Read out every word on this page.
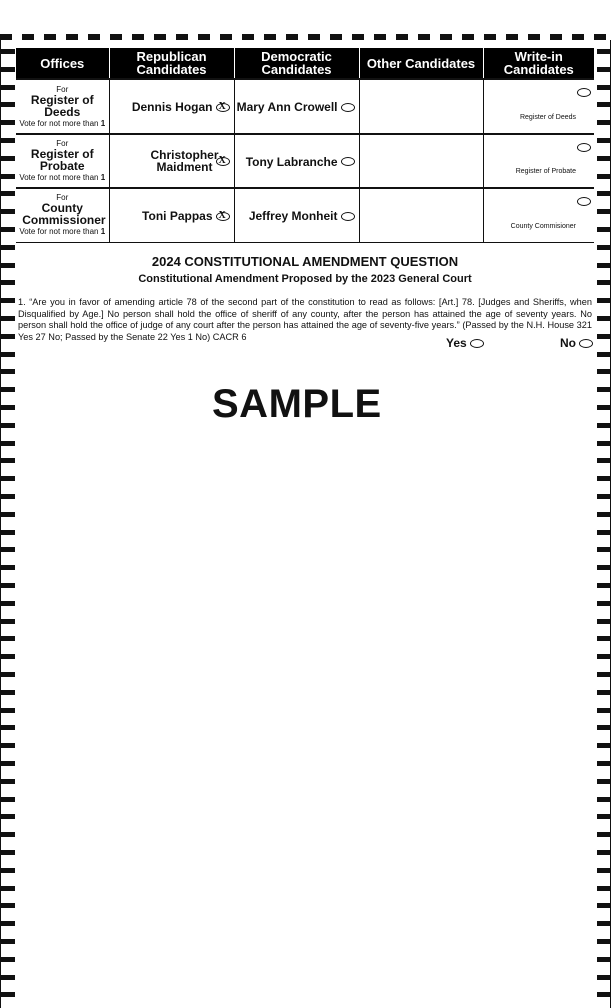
Offices	Republican Candidates	Democratic Candidates	Other Candidates	Write-in Candidates

For
Register of Deeds
Vote for not more than 1	Dennis HoganX	Mary Ann Crowell		Register of Deeds

For
Register of Probate
Vote for not more than 1	Christopher MaidmentX	Tony Labranche		Register of Probate

For
County Commissioner
Vote for not more than 1	Toni PappasX	Jeffrey Monheit		County Commisioner
2024 CONSTITUTIONAL AMENDMENT QUESTION
Constitutional Amendment Proposed by the 2023 General Court
1. “Are you in favor of amending article 78 of the second part of the constitution to read as follows: [Art.] 78. [Judges and Sheriffs, when Disqualified by Age.] No person shall hold the office of sheriff of any county, after the person has attained the age of seventy years. No person shall hold the office of judge of any court after the person has attained the age of seventy-five years.” (Passed by the N.H. House 321 Yes 27 No; Passed by the Senate 22 Yes 1 No) CACR 6	Yes	No
SAMPLE
